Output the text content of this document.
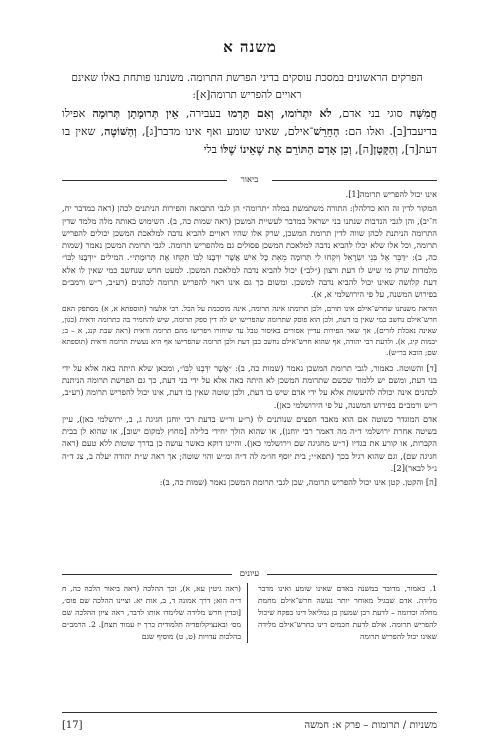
משנה א
הפרקים הראשונים במסכת עוסקים בדיני הפרשת התרומה. משנתנו פותחת באלו שאינם ראויים להפריש תרומה[א]:
חֲמִשָּׁה סוגי בני אדם, לֹא יִתְרֹומוּ, וְאִם תָּרְמוּ בעבירה, אֵין תְּרוּמָתָן תְּרוּמָה אפילו בדיעבד[ב]. ואלו הם: הַחֵרֵשׁ־אילם, שאינו שומע ואף אינו מדבר[ג], וְהַשּׁוֹטֶה, שאין בו דעת[ד], וְהַקָּטָן[ה], וְכֵן אָדָם הַתּוֹרֵם אֶת שֶׁאֵינוֹ שֶׁלּוֹ בלי
ביאור

אינו יכול להפריש תרומה[1].

המקור לדין זה הוא כדלהלן: התורה משתמשת במלה ״תרומה״ הן לגבי התבואה והפירות הניתנים לכהן (ראה במדבר יח, ח־יב), והן לגבי הנדבות שנתנו בני ישראל במדבר לעשיית המשכן (ראה שמות כה, ב). השימוש באותה מלה מלמד שדין התרומה הניתנת לכהן שווה לדין תרומת המשכן, שרק אלו שהיו ראויים להביא נדבה למלאכת המשכן יכולים להפריש תרומה, וכל אלו שלא יכלו להביא נדבה למלאכת המשכן פסולים גם מלהפריש תרומה. לגבי תרומת המשכן נאמר (שמות כה, ב): ״דַּבֵּר אֶל בְּנֵי יִשְׂרָאֵל וְיִקְחוּ לִי תְּרוּמָה מֵאֵת כָּל אִישׁ אֲשֶׁר יִדְּבֶנּוּ לִבּוֹ תִּקְחוּ אֶת תְּרוּמָתִי״. המילים ״יִדְּבֶנּוּ לִבּוֹ״ מלמדות שרק מי שיש לו דעת ורצון (״לב״) יכול להביא נדבה למלאכת המשכן. למעט חרש שנחשב כמי שאין לו אלא דעת קלושה שאינו יכול להביא נדבה למשכן. ומשום כך גם אינו ראוי להפריש תרומה לכהנים (רע״ב, ר״ש ורמב״ם בפירוש המשנה, על פי הירושלמי א, א).

הוראת משנתנו שחרש־אילם אינו תורם, ולכן תרומתו אינה תרומה, אינה מוסכמת על הכל. רבי אלעזר (תוספתא א, א) מסתפק האם חרש־אילם נחשב כמי שאין בו דעת, ולכן הוא פוסק שתרומה שהפרישו יש לה דין ספק תרומה, שיש להחמיר בה כתרומה ודאית (כגון, שאינה נאכלת לזרים), אך שאר הפירות עדיין אסורים באיסור טבל עד שיחזרו ויפרישו מהם תרומה ודאית (ראה שבת קנג, א – ב; יבמות קיג, א). ולדעת רבי יהודה, אף שהוא חרש־אילם נחשב כבן דעת ולכן תרומה שהפרישו אף היא נעשית תרומה ודאית (תוספתא שם; הובא בר״ש).

[ד] והשוטה. כאמור, לגבי תרומת המשכן נאמר (שמות כה, ב): ״אֲשֶׁר יִדְּבֶנּוּ לִבּוֹ״, ומכאן שלא היתה באה אלא על ידי בני דעת, ומשם יש ללמוד שכשם שתרומת המשכן לא היתה באה אלא על ידי בני דעת, כך גם הפרשת תרומה הניתנת לכהנים אינה יכולה להיעשות אלא על ידי אדם שיש בו דעת, ולכן שוטה שאין בו דעת, אינו יכול להפריש תרומה (רע״ב, ר״ש ורמב״ם בפירוש המשנה, על פי הירושלמי כאן).

אדם המוגדר כשוטה אם הוא מאבד חפצים שנותנים לו (ר״ע ור״ש בדעת רבי יוחנן חגיגה ג, ב, ירושלמי כאן), עיין בשיטה אחרת ירושלמי ד״ה מה דאמר רבי יוחנן), או שהוא הולך יחידי בלילה [מחוץ למקום ישוב], או שהוא לן בבית הקברות, או קורע את בגדיו (ר״ש מחגיגה שם וירושלמי כאן). והיינו דוקא כאשר עושה כן בדרך שוטות ללא טעם (ראה חגיגה שם), וגם שהוא רגיל בכך (תפא״י; בית יוסף חו״מ לה ד״ה ומ״ש והוי שוטה; אך ראה ש״ת יהודה יעלה ב, צג ד״ה נ״ל לבאר)[2].

[ה] והקטן. קטן אינו יכול להפריש תרומה, שכן לגבי תרומת המשכן נאמר (שמות כה, ב):

עיונים
1. כאמור, מדובר במשנה באדם שאינו שומע ואינו מדבר מלידה. אדם שבגיל מאוחר יותר נעשה חרש־אילם מחמת מחלה וכדומה – לדעת רבן שמעון בן גמליאל דינו כפקח שיכול להפריש תרומה. אולם לדעת חכמים דינו כחרש־אילם מלידה שאינו יכול להפריש תרומה
(ראה גיטין עא, א), וכך ההלכה (ראה ביאור הלכה כה, ח ד״ה הוא; דרך אמונה ד, ב, אות יא. וציינו ההלכה שם פוס׳, [ובדין חרש מלידה שלימדו אותו לדבר, ראה ציון ההלכה שם מס׳ ובאנציקלופדיה תלמודית כרך יז עמוד תצח]. 2. הרמב״ם בהלכות עדויות (ט, ט) מוסיף שגם
משניות / תרומות – פרק א: חמשה
[17]
